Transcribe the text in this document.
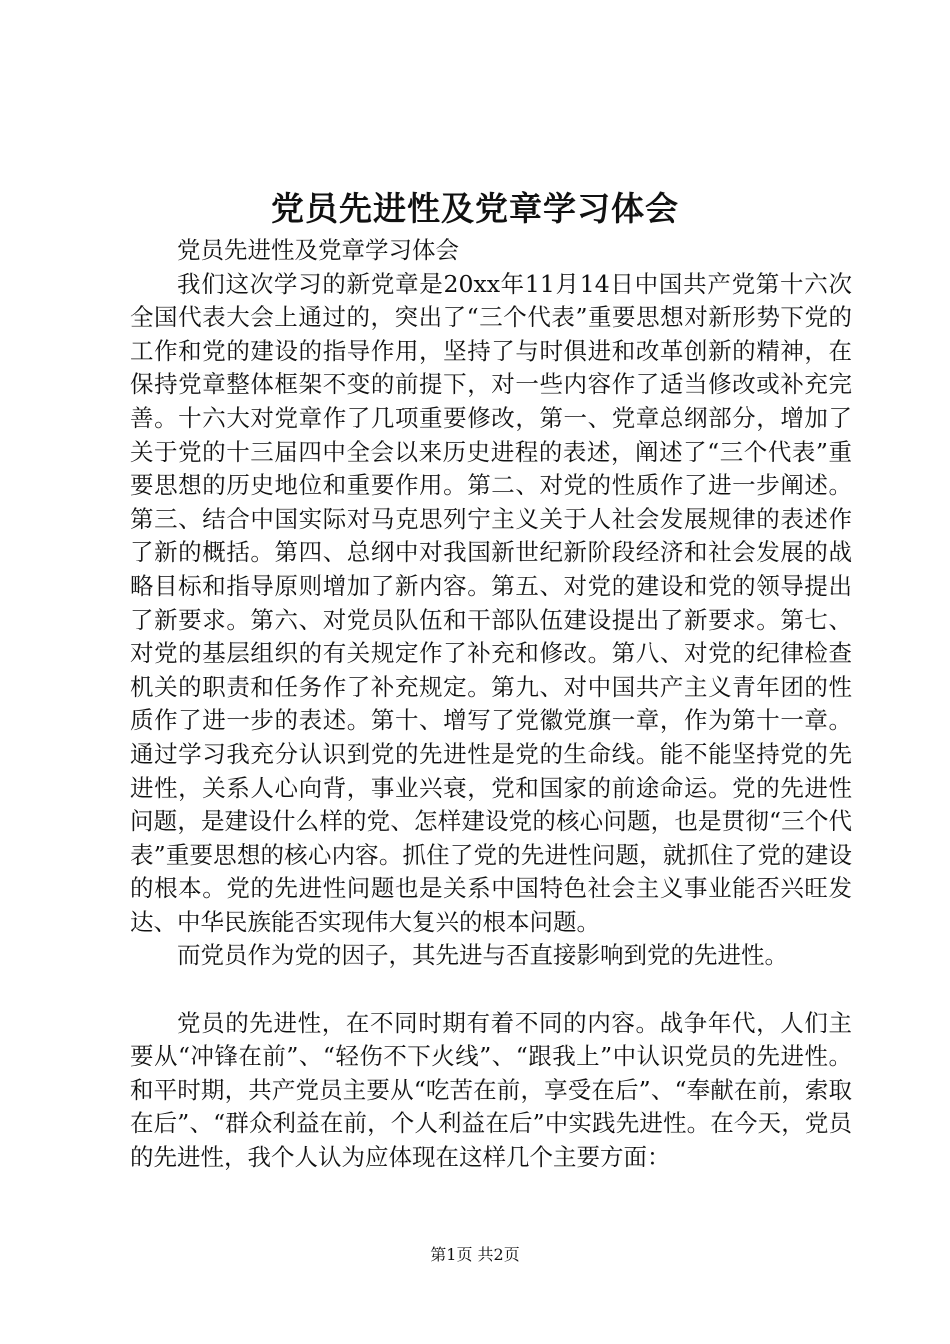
党员先进性及党章学习体会

党员先进性及党章学习体会

我们这次学习的新党章是20xx年11月14日中国共产党第十六次全国代表大会上通过的，突出了“三个代表”重要思想对新形势下党的工作和党的建设的指导作用，坚持了与时俱进和改革创新的精神，在保持党章整体框架不变的前提下，对一些内容作了适当修改或补充完善。十六大对党章作了几项重要修改，第一、党章总纲部分，增加了关于党的十三届四中全会以来历史进程的表述，阐述了“三个代表”重要思想的历史地位和重要作用。第二、对党的性质作了进一步阐述。第三、结合中国实际对马克思列宁主义关于人社会发展规律的表述作了新的概括。第四、总纲中对我国新世纪新阶段经济和社会发展的战略目标和指导原则增加了新内容。第五、对党的建设和党的领导提出了新要求。第六、对党员队伍和干部队伍建设提出了新要求。第七、对党的基层组织的有关规定作了补充和修改。第八、对党的纪律检查机关的职责和任务作了补充规定。第九、对中国共产主义青年团的性质作了进一步的表述。第十、增写了党徽党旗一章，作为第十一章。通过学习我充分认识到党的先进性是党的生命线。能不能坚持党的先进性，关系人心向背，事业兴衰，党和国家的前途命运。党的先进性问题，是建设什么样的党、怎样建设党的核心问题，也是贯彻“三个代表”重要思想的核心内容。抓住了党的先进性问题，就抓住了党的建设的根本。党的先进性问题也是关系中国特色社会主义事业能否兴旺发达、中华民族能否实现伟大复兴的根本问题。

而党员作为党的因子，其先进与否直接影响到党的先进性。

党员的先进性，在不同时期有着不同的内容。战争年代，人们主要从“冲锋在前”、“轻伤不下火线”、“跟我上”中认识党员的先进性。和平时期，共产党员主要从“吃苦在前，享受在后”、“奉献在前，索取在后”、“群众利益在前，个人利益在后”中实践先进性。在今天，党员的先进性，我个人认为应体现在这样几个主要方面：

第1页 共2页
